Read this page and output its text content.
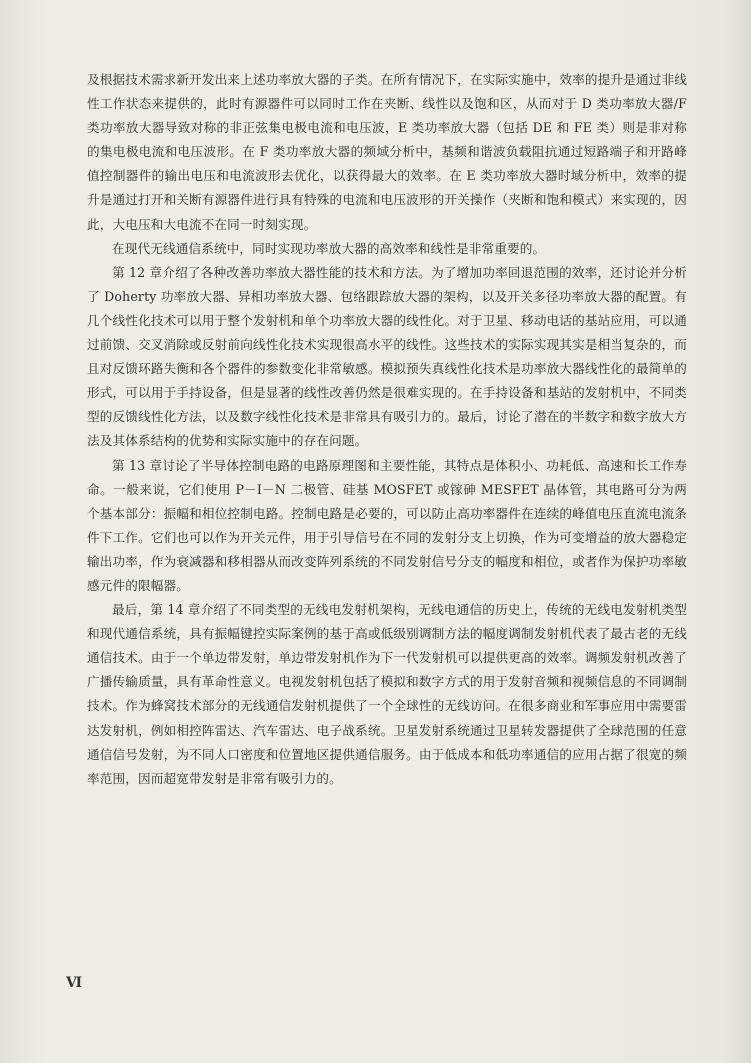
及根据技术需求新开发出来上述功率放大器的子类。在所有情况下，在实际实施中，效率的提升是通过非线性工作状态来提供的，此时有源器件可以同时工作在夹断、线性以及饱和区，从而对于 D 类功率放大器/F 类功率放大器导致对称的非正弦集电极电流和电压波，E 类功率放大器（包括 DE 和 FE 类）则是非对称的集电极电流和电压波形。在 F 类功率放大器的频域分析中，基频和谐波负载阻抗通过短路端子和开路峰值控制器件的输出电压和电流波形去优化，以获得最大的效率。在 E 类功率放大器时域分析中，效率的提升是通过打开和关断有源器件进行具有特殊的电流和电压波形的开关操作（夹断和饱和模式）来实现的，因此，大电压和大电流不在同一时刻实现。

在现代无线通信系统中，同时实现功率放大器的高效率和线性是非常重要的。

第 12 章介绍了各种改善功率放大器性能的技术和方法。为了增加功率回退范围的效率，还讨论并分析了 Doherty 功率放大器、异相功率放大器、包络跟踪放大器的架构，以及开关多径功率放大器的配置。有几个线性化技术可以用于整个发射机和单个功率放大器的线性化。对于卫星、移动电话的基站应用，可以通过前馈、交叉消除或反射前向线性化技术实现很高水平的线性。这些技术的实际实现其实是相当复杂的，而且对反馈环路失衡和各个器件的参数变化非常敏感。模拟预失真线性化技术是功率放大器线性化的最简单的形式，可以用于手持设备，但是显著的线性改善仍然是很难实现的。在手持设备和基站的发射机中，不同类型的反馈线性化方法，以及数字线性化技术是非常具有吸引力的。最后，讨论了潜在的半数字和数字放大方法及其体系结构的优势和实际实施中的存在问题。

第 13 章讨论了半导体控制电路的电路原理图和主要性能，其特点是体积小、功耗低、高速和长工作寿命。一般来说，它们使用 P－I－N 二极管、硅基 MOSFET 或镓砷 MESFET 晶体管，其电路可分为两个基本部分：振幅和相位控制电路。控制电路是必要的，可以防止高功率器件在连续的峰值电压直流电流条件下工作。它们也可以作为开关元件，用于引导信号在不同的发射分支上切换，作为可变增益的放大器稳定输出功率，作为衰减器和移相器从而改变阵列系统的不同发射信号分支的幅度和相位，或者作为保护功率敏感元件的限幅器。

最后，第 14 章介绍了不同类型的无线电发射机架构，无线电通信的历史上，传统的无线电发射机类型和现代通信系统，具有振幅键控实际案例的基于高或低级别调制方法的幅度调制发射机代表了最古老的无线通信技术。由于一个单边带发射，单边带发射机作为下一代发射机可以提供更高的效率。调频发射机改善了广播传输质量，具有革命性意义。电视发射机包括了模拟和数字方式的用于发射音频和视频信息的不同调制技术。作为蜂窝技术部分的无线通信发射机提供了一个全球性的无线访问。在很多商业和军事应用中需要雷达发射机，例如相控阵雷达、汽车雷达、电子战系统。卫星发射系统通过卫星转发器提供了全球范围的任意通信信号发射，为不同人口密度和位置地区提供通信服务。由于低成本和低功率通信的应用占据了很宽的频率范围，因而超宽带发射是非常有吸引力的。

Ⅵ
